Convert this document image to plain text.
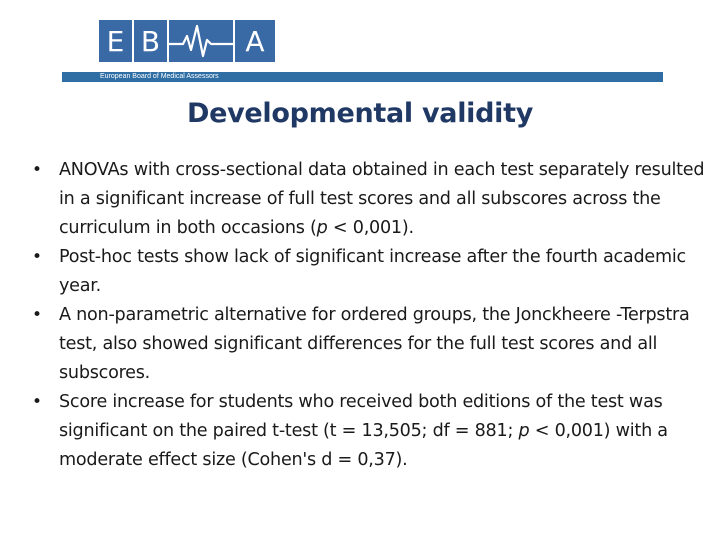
E B	A
European Board of Medical Assessors
Developmental validity
• ANOVAs with cross-sectional data obtained in each test separately resulted in a significant increase of full test scores and all subscores across the curriculum in both occasions (p < 0,001).
• Post-hoc tests show lack of significant increase after the fourth academic year.
• A non-parametric alternative for ordered groups, the Jonckheere -Terpstra test, also showed significant differences for the full test scores and all subscores.
• Score increase for students who received both editions of the test was significant on the paired t-test (t = 13,505; df = 881; p < 0,001) with a moderate effect size (Cohen's d = 0,37).
